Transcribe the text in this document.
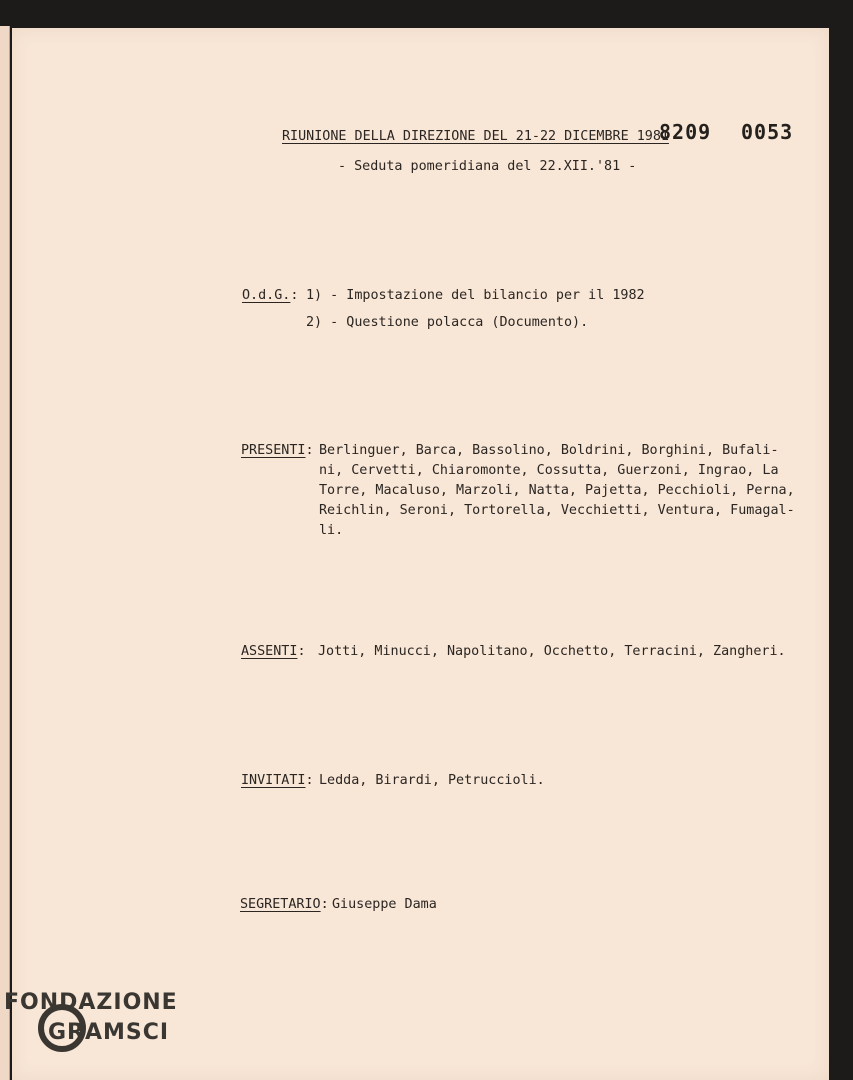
8209 0053

RIUNIONE DELLA DIREZIONE DEL 21-22 DICEMBRE 1981

- Seduta pomeridiana del 22.XII.'81 -

O.d.G.: 1) - Impostazione del bilancio per il 1982

2) - Questione polacca (Documento).

PRESENTI: Berlinguer, Barca, Bassolino, Boldrini, Borghini, Bufali-

ni, Cervetti, Chiaromonte, Cossutta, Guerzoni, Ingrao, La

Torre, Macaluso, Marzoli, Natta, Pajetta, Pecchioli, Perna,

Reichlin, Seroni, Tortorella, Vecchietti, Ventura, Fumagal-

li.

ASSENTI: Jotti, Minucci, Napolitano, Occhetto, Terracini, Zangheri.

INVITATI: Ledda, Birardi, Petruccioli.

SEGRETARIO: Giuseppe Dama

FONDAZIONE
GRAMSCI
